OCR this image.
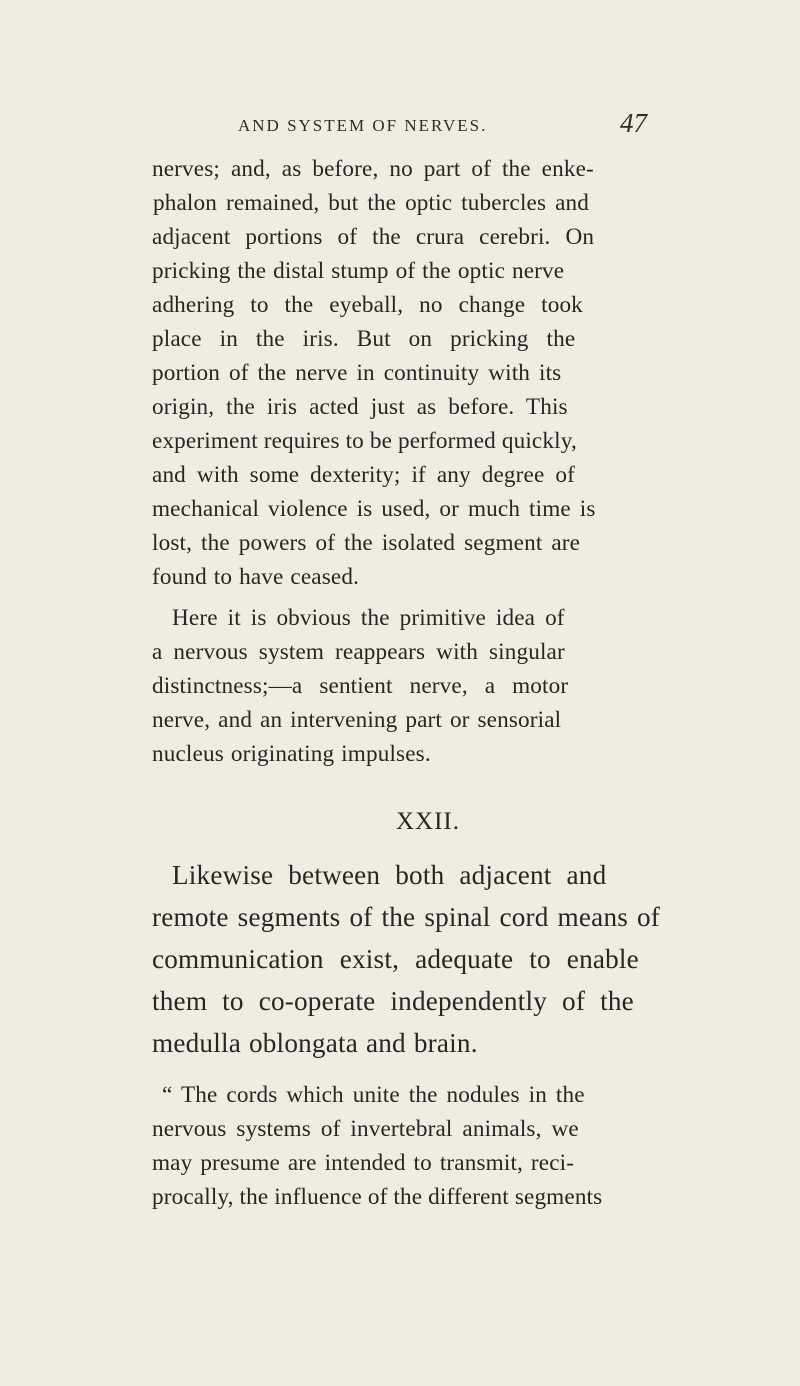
AND SYSTEM OF NERVES.	47

nerves; and, as before, no part of the enke-

phalon remained, but the optic tubercles and

adjacent portions of the crura cerebri. On

pricking the distal stump of the optic nerve

adhering to the eyeball, no change took

place in the iris. But on pricking the

portion of the nerve in continuity with its

origin, the iris acted just as before. This

experiment requires to be performed quickly,

and with some dexterity; if any degree of

mechanical violence is used, or much time is

lost, the powers of the isolated segment are

found to have ceased.

Here it is obvious the primitive idea of

a nervous system reappears with singular

distinctness;—a sentient nerve, a motor

nerve, and an intervening part or sensorial

nucleus originating impulses.

XXII.

Likewise between both adjacent and

remote segments of the spinal cord means of

communication exist, adequate to enable

them to co-operate independently of the

medulla oblongata and brain.

“ The cords which unite the nodules in the

nervous systems of invertebral animals, we

may presume are intended to transmit, reci-

procally, the influence of the different segments
